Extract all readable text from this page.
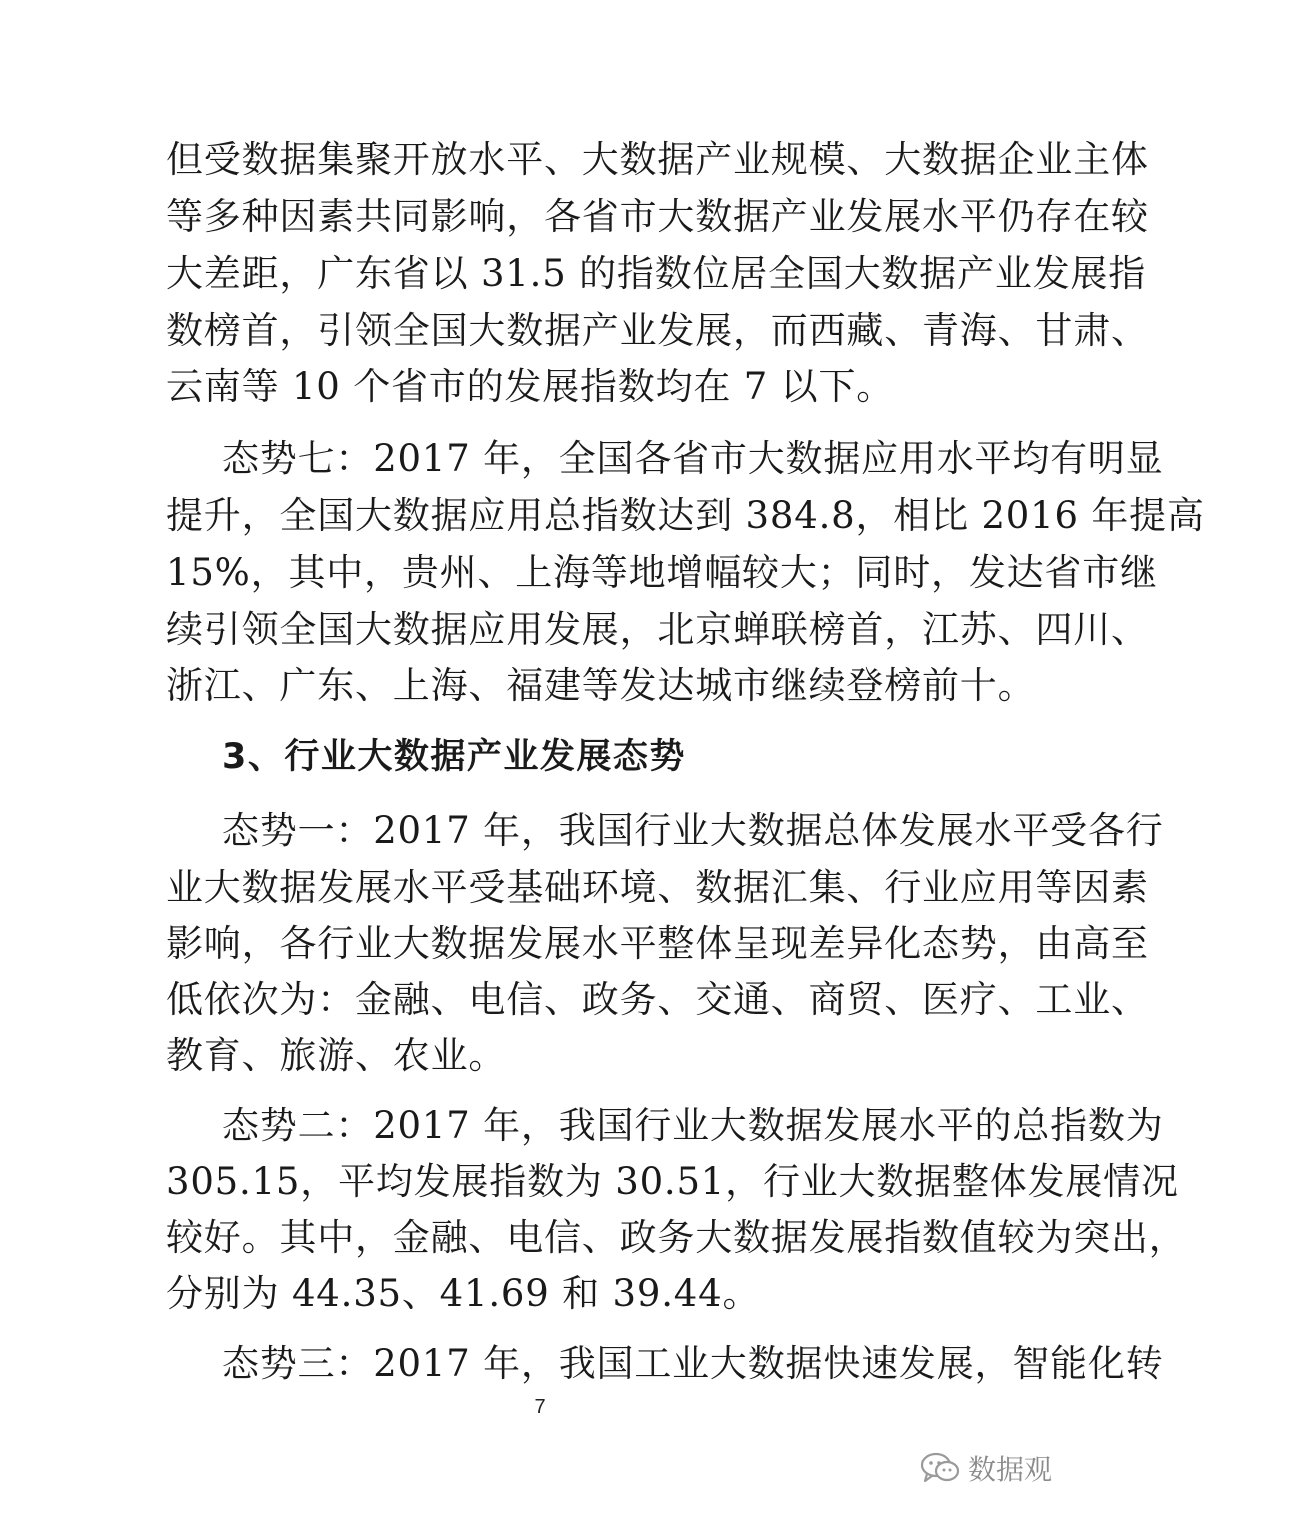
但受数据集聚开放水平、大数据产业规模、大数据企业主体
等多种因素共同影响，各省市大数据产业发展水平仍存在较
大差距，广东省以 31.5 的指数位居全国大数据产业发展指
数榜首，引领全国大数据产业发展，而西藏、青海、甘肃、
云南等 10 个省市的发展指数均在 7 以下。
态势七：2017 年，全国各省市大数据应用水平均有明显
提升，全国大数据应用总指数达到 384.8，相比 2016 年提高
15%，其中，贵州、上海等地增幅较大；同时，发达省市继
续引领全国大数据应用发展，北京蝉联榜首，江苏、四川、
浙江、广东、上海、福建等发达城市继续登榜前十。
3、行业大数据产业发展态势
态势一：2017 年，我国行业大数据总体发展水平受各行
业大数据发展水平受基础环境、数据汇集、行业应用等因素
影响，各行业大数据发展水平整体呈现差异化态势，由高至
低依次为：金融、电信、政务、交通、商贸、医疗、工业、
教育、旅游、农业。
态势二：2017 年，我国行业大数据发展水平的总指数为
305.15，平均发展指数为 30.51，行业大数据整体发展情况
较好。其中，金融、电信、政务大数据发展指数值较为突出，
分别为 44.35、41.69 和 39.44。
态势三：2017 年，我国工业大数据快速发展，智能化转
7
数据观
